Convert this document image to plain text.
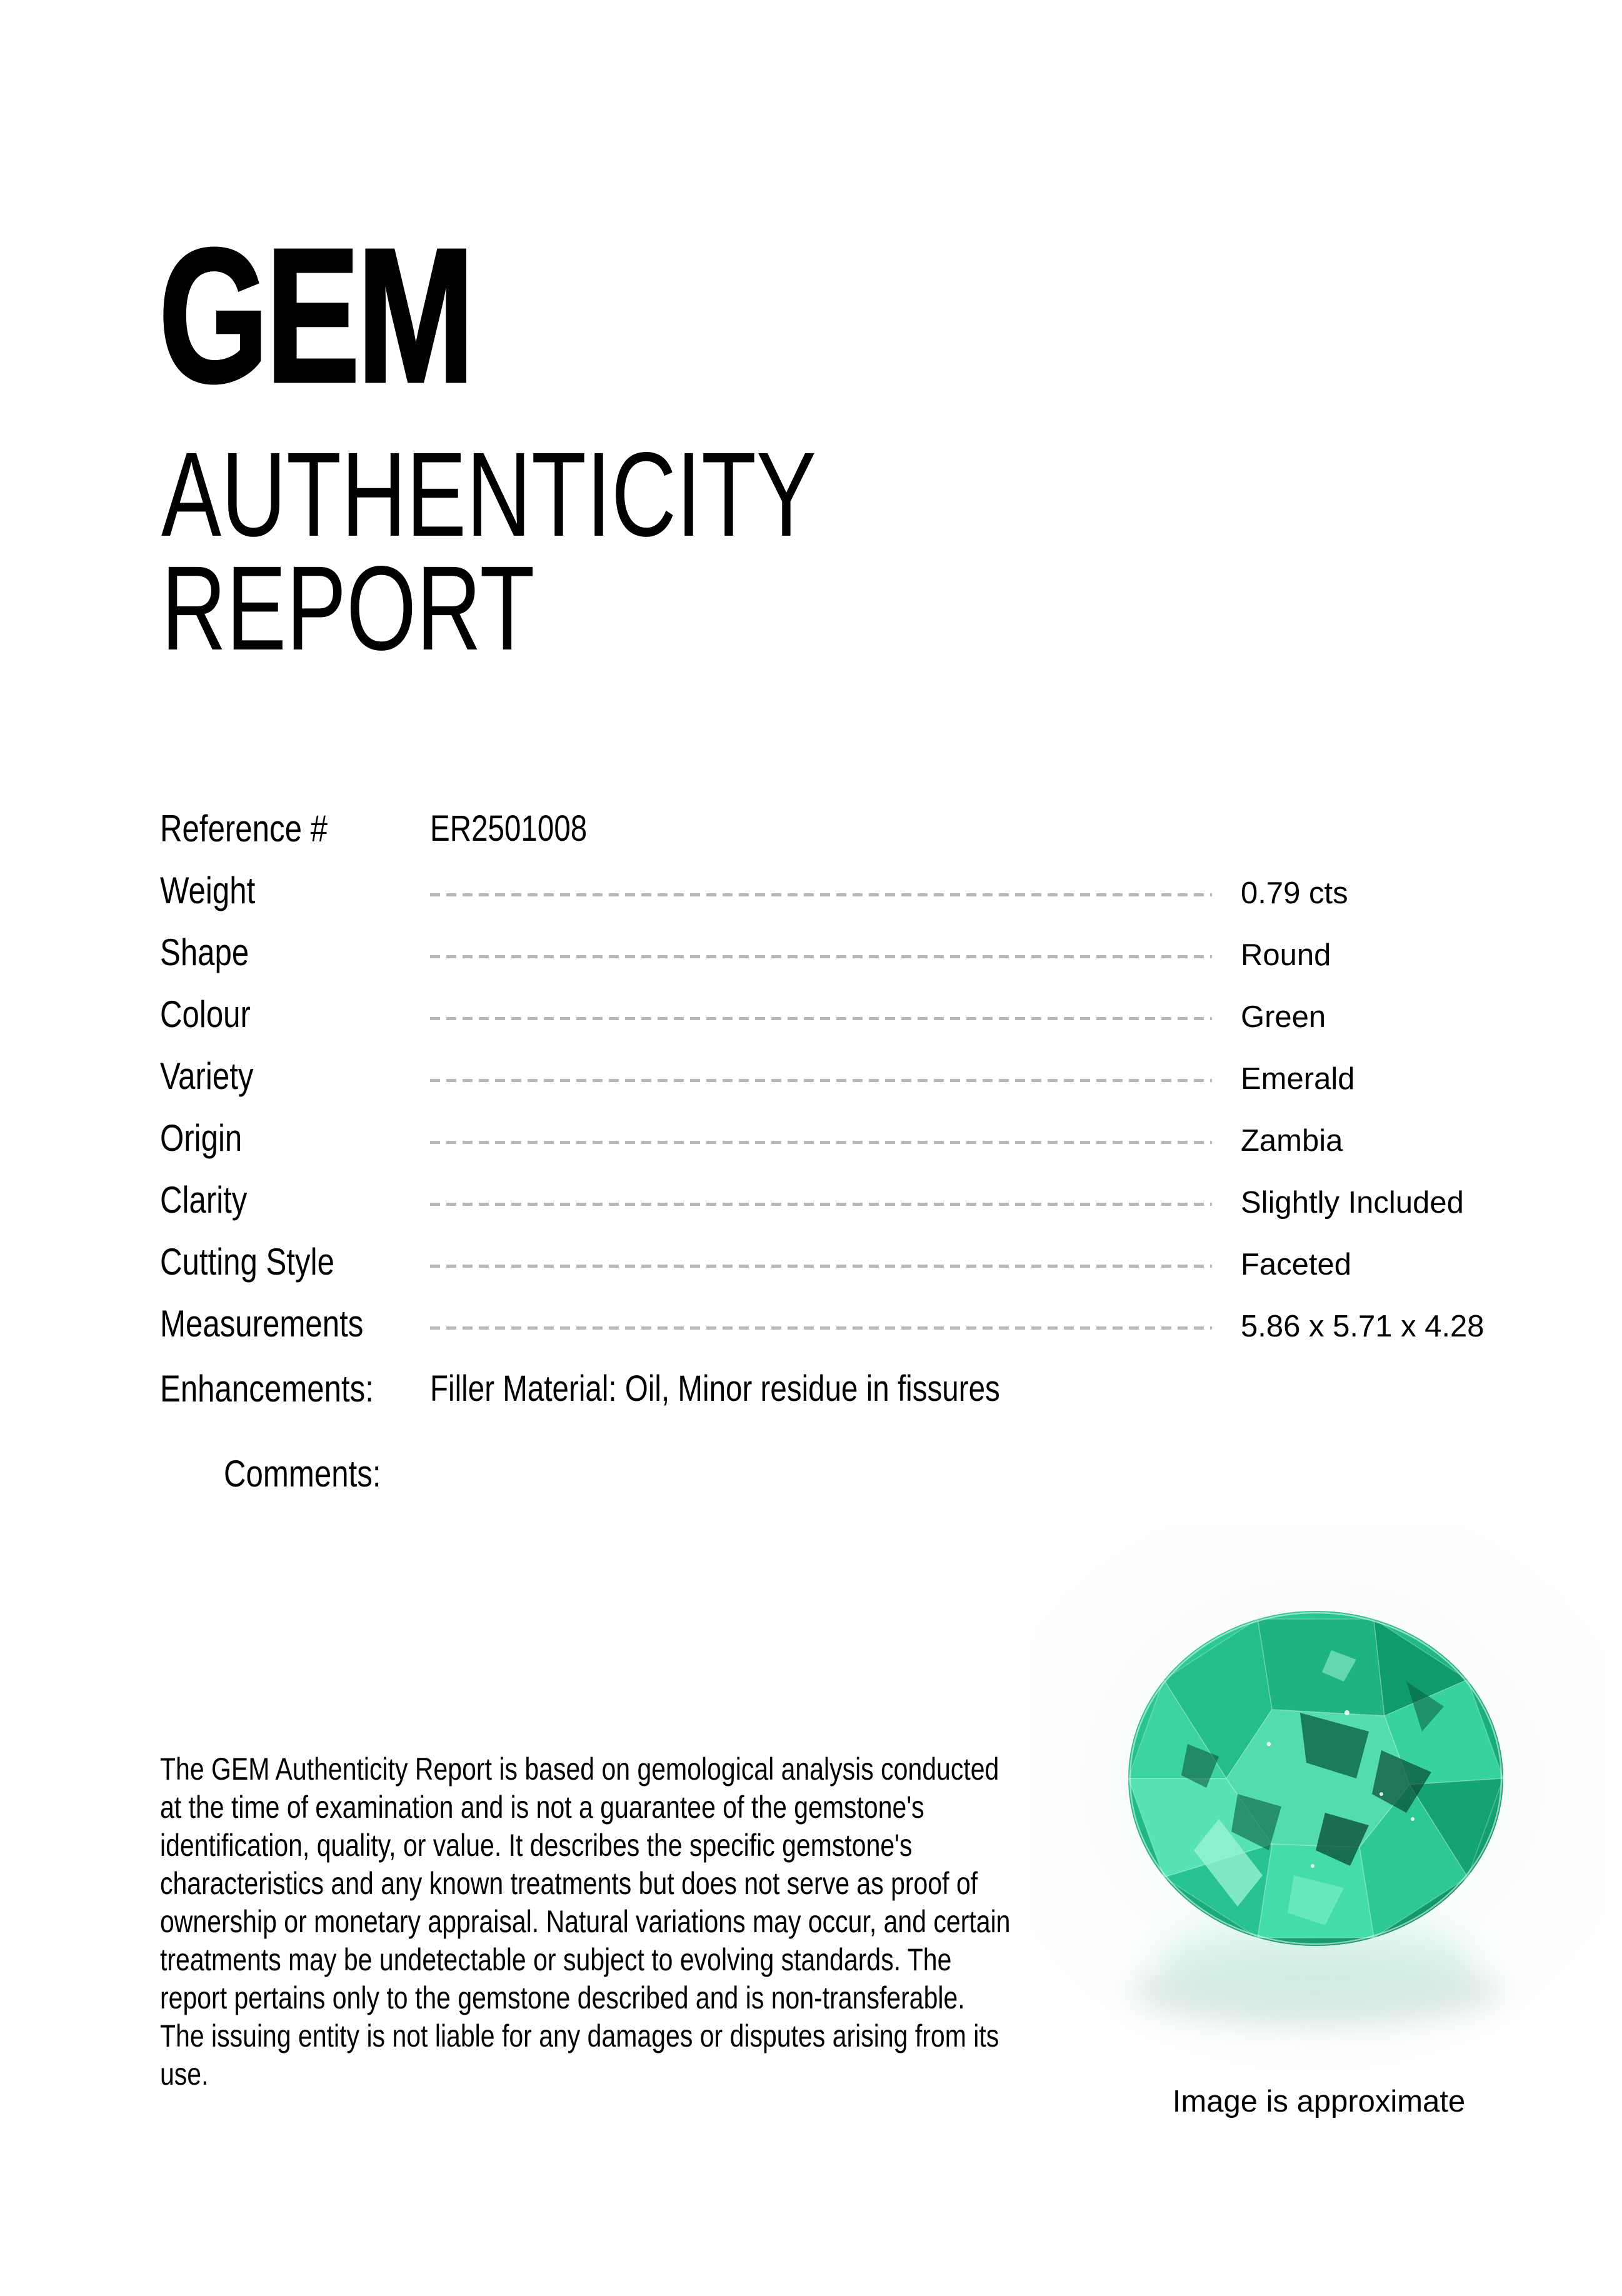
GEM
AUTHENTICITY
REPORT
Reference #	ER2501008
Weight	0.79 cts
Shape	Round
Colour	Green
Variety	Emerald
Origin	Zambia
Clarity	Slightly Included
Cutting Style	Faceted
Measurements	5.86 x 5.71 x 4.28
Enhancements: Filler Material: Oil, Minor residue in fissures
Comments:
The GEM Authenticity Report is based on gemological analysis conducted at the time of examination and is not a guarantee of the gemstone's identification, quality, or value. It describes the specific gemstone's characteristics and any known treatments but does not serve as proof of ownership or monetary appraisal. Natural variations may occur, and certain treatments may be undetectable or subject to evolving standards. The report pertains only to the gemstone described and is non-transferable. The issuing entity is not liable for any damages or disputes arising from its use.
Image is approximate
